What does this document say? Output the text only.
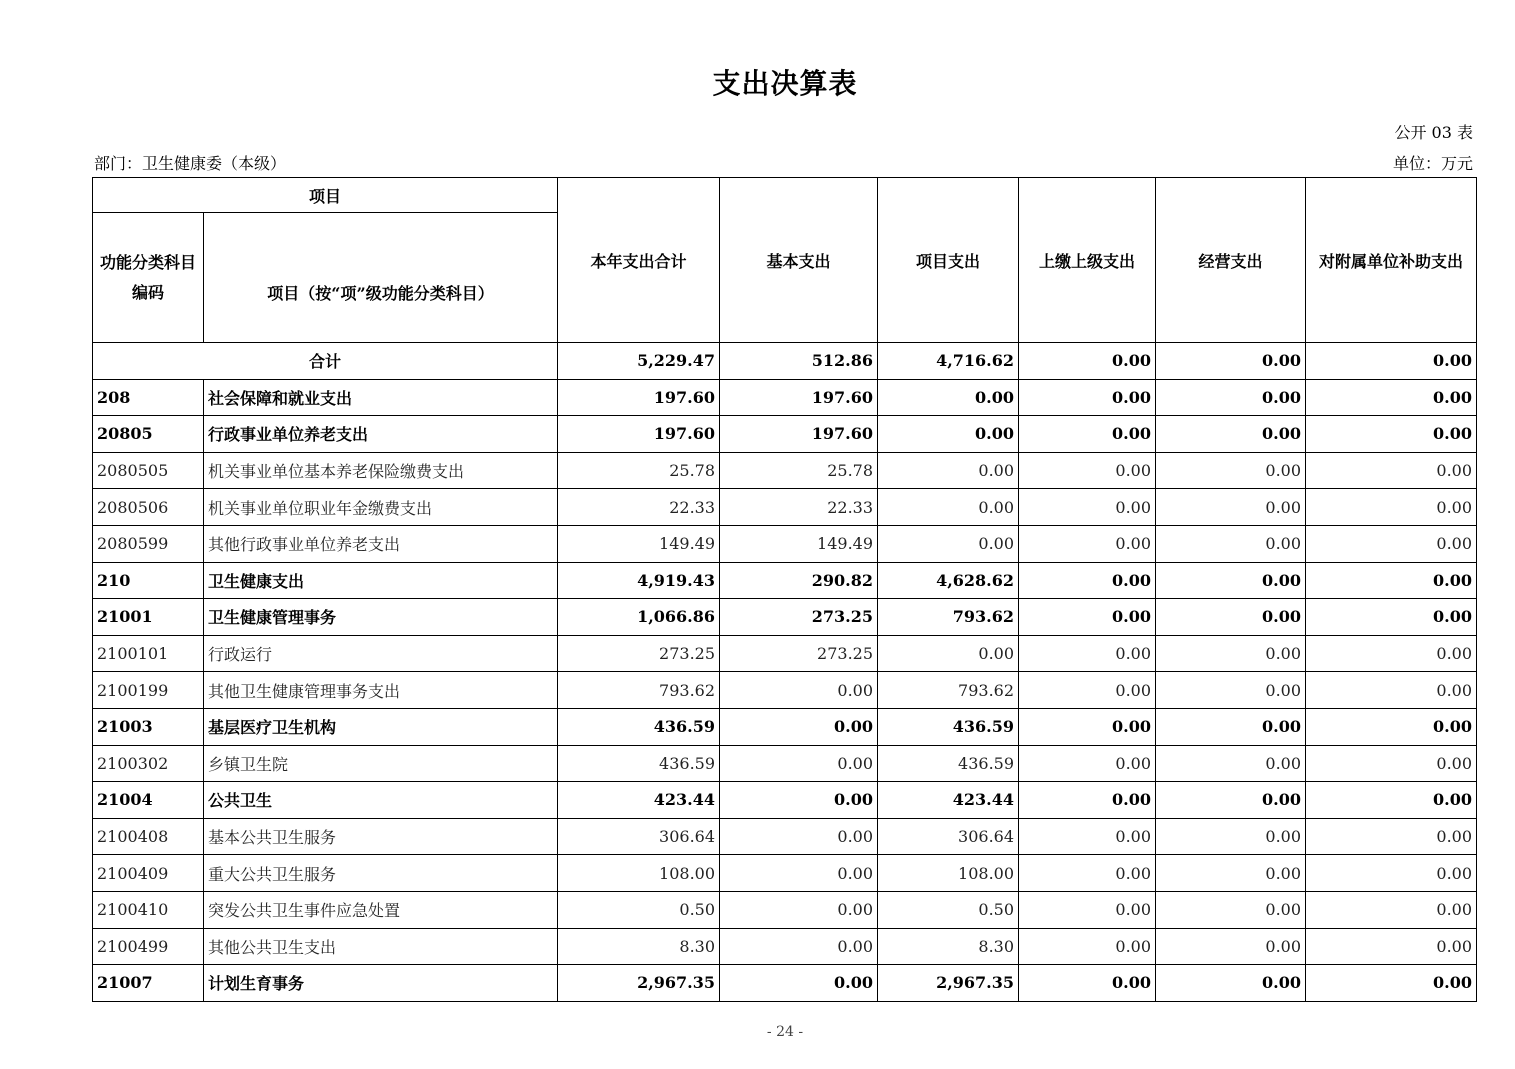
支出决算表
公开 03 表
部门：卫生健康委（本级）	单位：万元
项目		本年支出合计	基本支出	项目支出	上缴上级支出	经营支出	对附属单位补助支出
功能分类科目编码	项目（按“项”级功能分类科目）						
合计		5,229.47	512.86	4,716.62	0.00	0.00	0.00
208	社会保障和就业支出	197.60	197.60	0.00	0.00	0.00	0.00
20805	行政事业单位养老支出	197.60	197.60	0.00	0.00	0.00	0.00
2080505	机关事业单位基本养老保险缴费支出	25.78	25.78	0.00	0.00	0.00	0.00
2080506	机关事业单位职业年金缴费支出	22.33	22.33	0.00	0.00	0.00	0.00
2080599	其他行政事业单位养老支出	149.49	149.49	0.00	0.00	0.00	0.00
210	卫生健康支出	4,919.43	290.82	4,628.62	0.00	0.00	0.00
21001	卫生健康管理事务	1,066.86	273.25	793.62	0.00	0.00	0.00
2100101	行政运行	273.25	273.25	0.00	0.00	0.00	0.00
2100199	其他卫生健康管理事务支出	793.62	0.00	793.62	0.00	0.00	0.00
21003	基层医疗卫生机构	436.59	0.00	436.59	0.00	0.00	0.00
2100302	乡镇卫生院	436.59	0.00	436.59	0.00	0.00	0.00
21004	公共卫生	423.44	0.00	423.44	0.00	0.00	0.00
2100408	基本公共卫生服务	306.64	0.00	306.64	0.00	0.00	0.00
2100409	重大公共卫生服务	108.00	0.00	108.00	0.00	0.00	0.00
2100410	突发公共卫生事件应急处置	0.50	0.00	0.50	0.00	0.00	0.00
2100499	其他公共卫生支出	8.30	0.00	8.30	0.00	0.00	0.00
21007	计划生育事务	2,967.35	0.00	2,967.35	0.00	0.00	0.00
- 24 -
